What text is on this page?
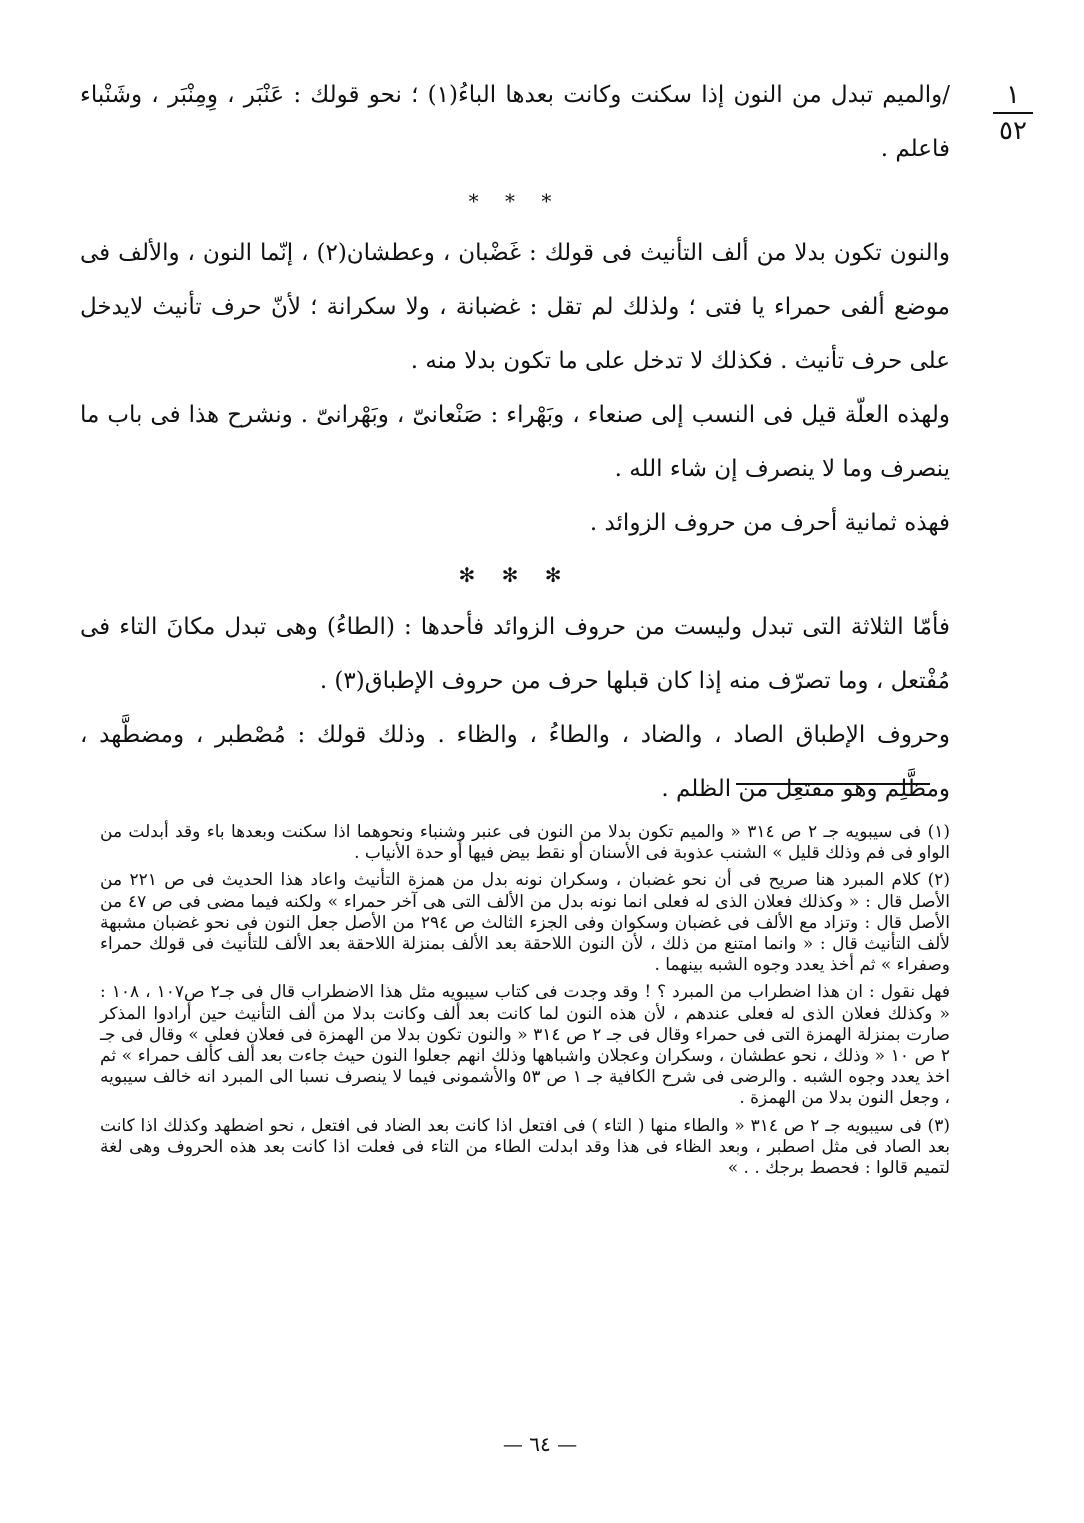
١
٥٢

/والميم تبدل من النون إذا سكنت وكانت بعدها الباءُ(١) ؛ نحو قولك : عَنْبَر ، وِمِنْبَر ، وشَنْباء فاعلم .

* * *

والنون تكون بدلا من ألف التأنيث فى قولك : غَضْبان ، وعطشان(٢) ، إنّما النون ، والألف فى موضع ألفى حمراء يا فتى ؛ ولذلك لم تقل : غضبانة ، ولا سكرانة ؛ لأنّ حرف تأنيث لايدخل على حرف تأنيث . فكذلك لا تدخل على ما تكون بدلا منه .

ولهذه العلّة قيل فى النسب إلى صنعاء ، وبَهْراء : صَنْعانىّ ، وبَهْرانىّ . ونشرح هذا فى باب ما ينصرف وما لا ينصرف إن شاء الله .

فهذه ثمانية أحرف من حروف الزوائد .

✻ ✻ ✻

فأمّا الثلاثة التى تبدل وليست من حروف الزوائد فأحدها : (الطاءُ) وهى تبدل مكانَ التاء فى مُفْتعل ، وما تصرّف منه إذا كان قبلها حرف من حروف الإطباق(٣) .

وحروف الإطباق الصاد ، والضاد ، والطاءُ ، والظاء . وذلك قولك : مُصْطبر ، ومضطَّهد ، ومظَّلِم وهو مفتعِل من الظلم .

(١) فى سيبويه جـ ٢ ص ٣١٤ « والميم تكون بدلا من النون فى عنبر وشنباء ونحوهما اذا سكنت وبعدها باء وقد أبدلت من الواو فى فم وذلك قليل » الشنب عذوبة فى الأسنان أو نقط بيض فيها أو حدة الأنياب .

(٢) كلام المبرد هنا صريح فى أن نحو غضبان ، وسكران نونه بدل من همزة التأنيث واعاد هذا الحديث فى ص ٢٢١ من الأصل قال : « وكذلك فعلان الذى له فعلى انما نونه بدل من الألف التى هى آخر حمراء » ولكنه فيما مضى فى ص ٤٧ من الأصل قال : وتزاد مع الألف فى غضبان وسكوان وفى الجزء الثالث ص ٢٩٤ من الأصل جعل النون فى نحو غضبان مشبهة لألف التأنيث قال : « وانما امتنع من ذلك ، لأن النون اللاحقة بعد الألف بمنزلة اللاحقة بعد الألف للتأنيث فى قولك حمراء وصفراء » ثم أخذ يعدد وجوه الشبه بينهما .

فهل نقول : ان هذا اضطراب من المبرد ؟ ! وقد وجدت فى كتاب سيبويه مثل هذا الاضطراب قال فى جـ٢ ص١٠٧ ، ١٠٨ : « وكذلك فعلان الذى له فعلى عندهم ، لأن هذه النون لما كانت بعد ألف وكانت بدلا من ألف التأنيث حين أرادوا المذكر صارت بمنزلة الهمزة التى فى حمراء وقال فى جـ ٢ ص ٣١٤ « والنون تكون بدلا من الهمزة فى فعلان فعلى » وقال فى جـ ٢ ص ١٠ « وذلك ، نحو عطشان ، وسكران وعجلان واشباهها وذلك انهم جعلوا النون حيث جاءت بعد ألف كألف حمراء » ثم اخذ يعدد وجوه الشبه . والرضى فى شرح الكافية جـ ١ ص ٥٣ والأشمونى فيما لا ينصرف نسبا الى المبرد انه خالف سيبويه ، وجعل النون بدلا من الهمزة .

(٣) فى سيبويه جـ ٢ ص ٣١٤ « والطاء منها ( التاء ) فى افتعل اذا كانت بعد الضاد فى افتعل ، نحو اضطهد وكذلك اذا كانت بعد الصاد فى مثل اصطبر ، وبعد الظاء فى هذا وقد ابدلت الطاء من التاء فى فعلت اذا كانت بعد هذه الحروف وهى لغة لتميم قالوا : فحصط برجك . . »

— ٦٤ —
